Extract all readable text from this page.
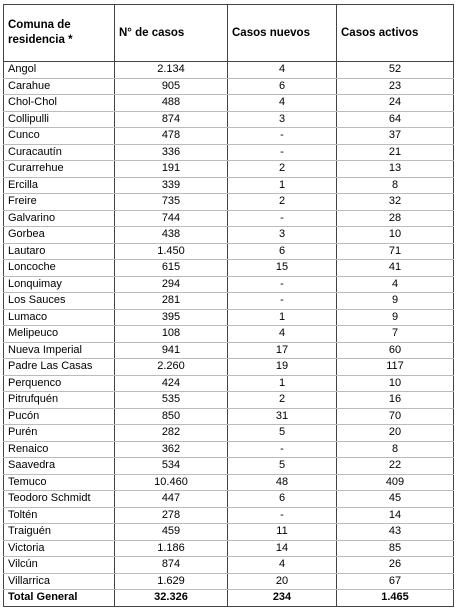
Comuna de residencia *	N° de casos	Casos nuevos	Casos activos
Angol	2.134	4	52
Carahue	905	6	23
Chol-Chol	488	4	24
Collipulli	874	3	64
Cunco	478	-	37
Curacautín	336	-	21
Curarrehue	191	2	13
Ercilla	339	1	8
Freire	735	2	32
Galvarino	744	-	28
Gorbea	438	3	10
Lautaro	1.450	6	71
Loncoche	615	15	41
Lonquimay	294	-	4
Los Sauces	281	-	9
Lumaco	395	1	9
Melipeuco	108	4	7
Nueva Imperial	941	17	60
Padre Las Casas	2.260	19	117
Perquenco	424	1	10
Pitrufquén	535	2	16
Pucón	850	31	70
Purén	282	5	20
Renaico	362	-	8
Saavedra	534	5	22
Temuco	10.460	48	409
Teodoro Schmidt	447	6	45
Toltén	278	-	14
Traiguén	459	11	43
Victoria	1.186	14	85
Vilcún	874	4	26
Villarrica	1.629	20	67
Total General	32.326	234	1.465
